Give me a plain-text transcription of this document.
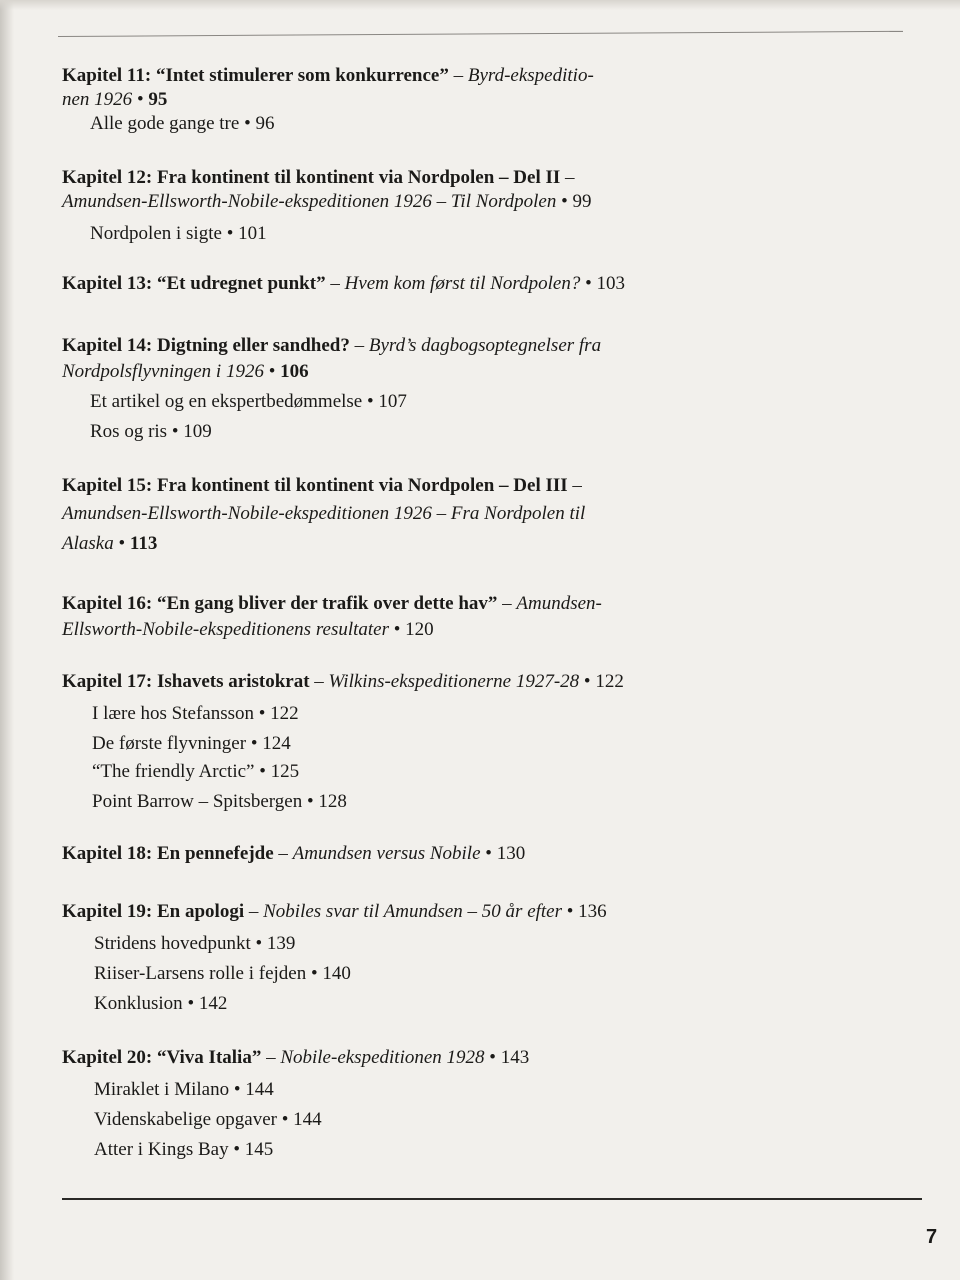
Kapitel 11: “Intet stimulerer som konkurrence” – Byrd-ekspeditio-
nen 1926 • 95
Alle gode gange tre • 96
Kapitel 12: Fra kontinent til kontinent via Nordpolen – Del II –
Amundsen-Ellsworth-Nobile-ekspeditionen 1926 – Til Nordpolen • 99
Nordpolen i sigte • 101
Kapitel 13: “Et udregnet punkt” – Hvem kom først til Nordpolen? • 103
Kapitel 14: Digtning eller sandhed? – Byrd’s dagbogsoptegnelser fra
Nordpolsflyvningen i 1926 • 106
Et artikel og en ekspertbedømmelse • 107
Ros og ris • 109
Kapitel 15: Fra kontinent til kontinent via Nordpolen – Del III –
Amundsen-Ellsworth-Nobile-ekspeditionen 1926 – Fra Nordpolen til
Alaska • 113
Kapitel 16: “En gang bliver der trafik over dette hav” – Amundsen-
Ellsworth-Nobile-ekspeditionens resultater • 120
Kapitel 17: Ishavets aristokrat – Wilkins-ekspeditionerne 1927-28 • 122
I lære hos Stefansson • 122
De første flyvninger • 124
“The friendly Arctic” • 125
Point Barrow – Spitsbergen • 128
Kapitel 18: En pennefejde – Amundsen versus Nobile • 130
Kapitel 19: En apologi – Nobiles svar til Amundsen – 50 år efter • 136
Stridens hovedpunkt • 139
Riiser-Larsens rolle i fejden • 140
Konklusion • 142
Kapitel 20: “Viva Italia” – Nobile-ekspeditionen 1928 • 143
Miraklet i Milano • 144
Videnskabelige opgaver • 144
Atter i Kings Bay • 145
7
